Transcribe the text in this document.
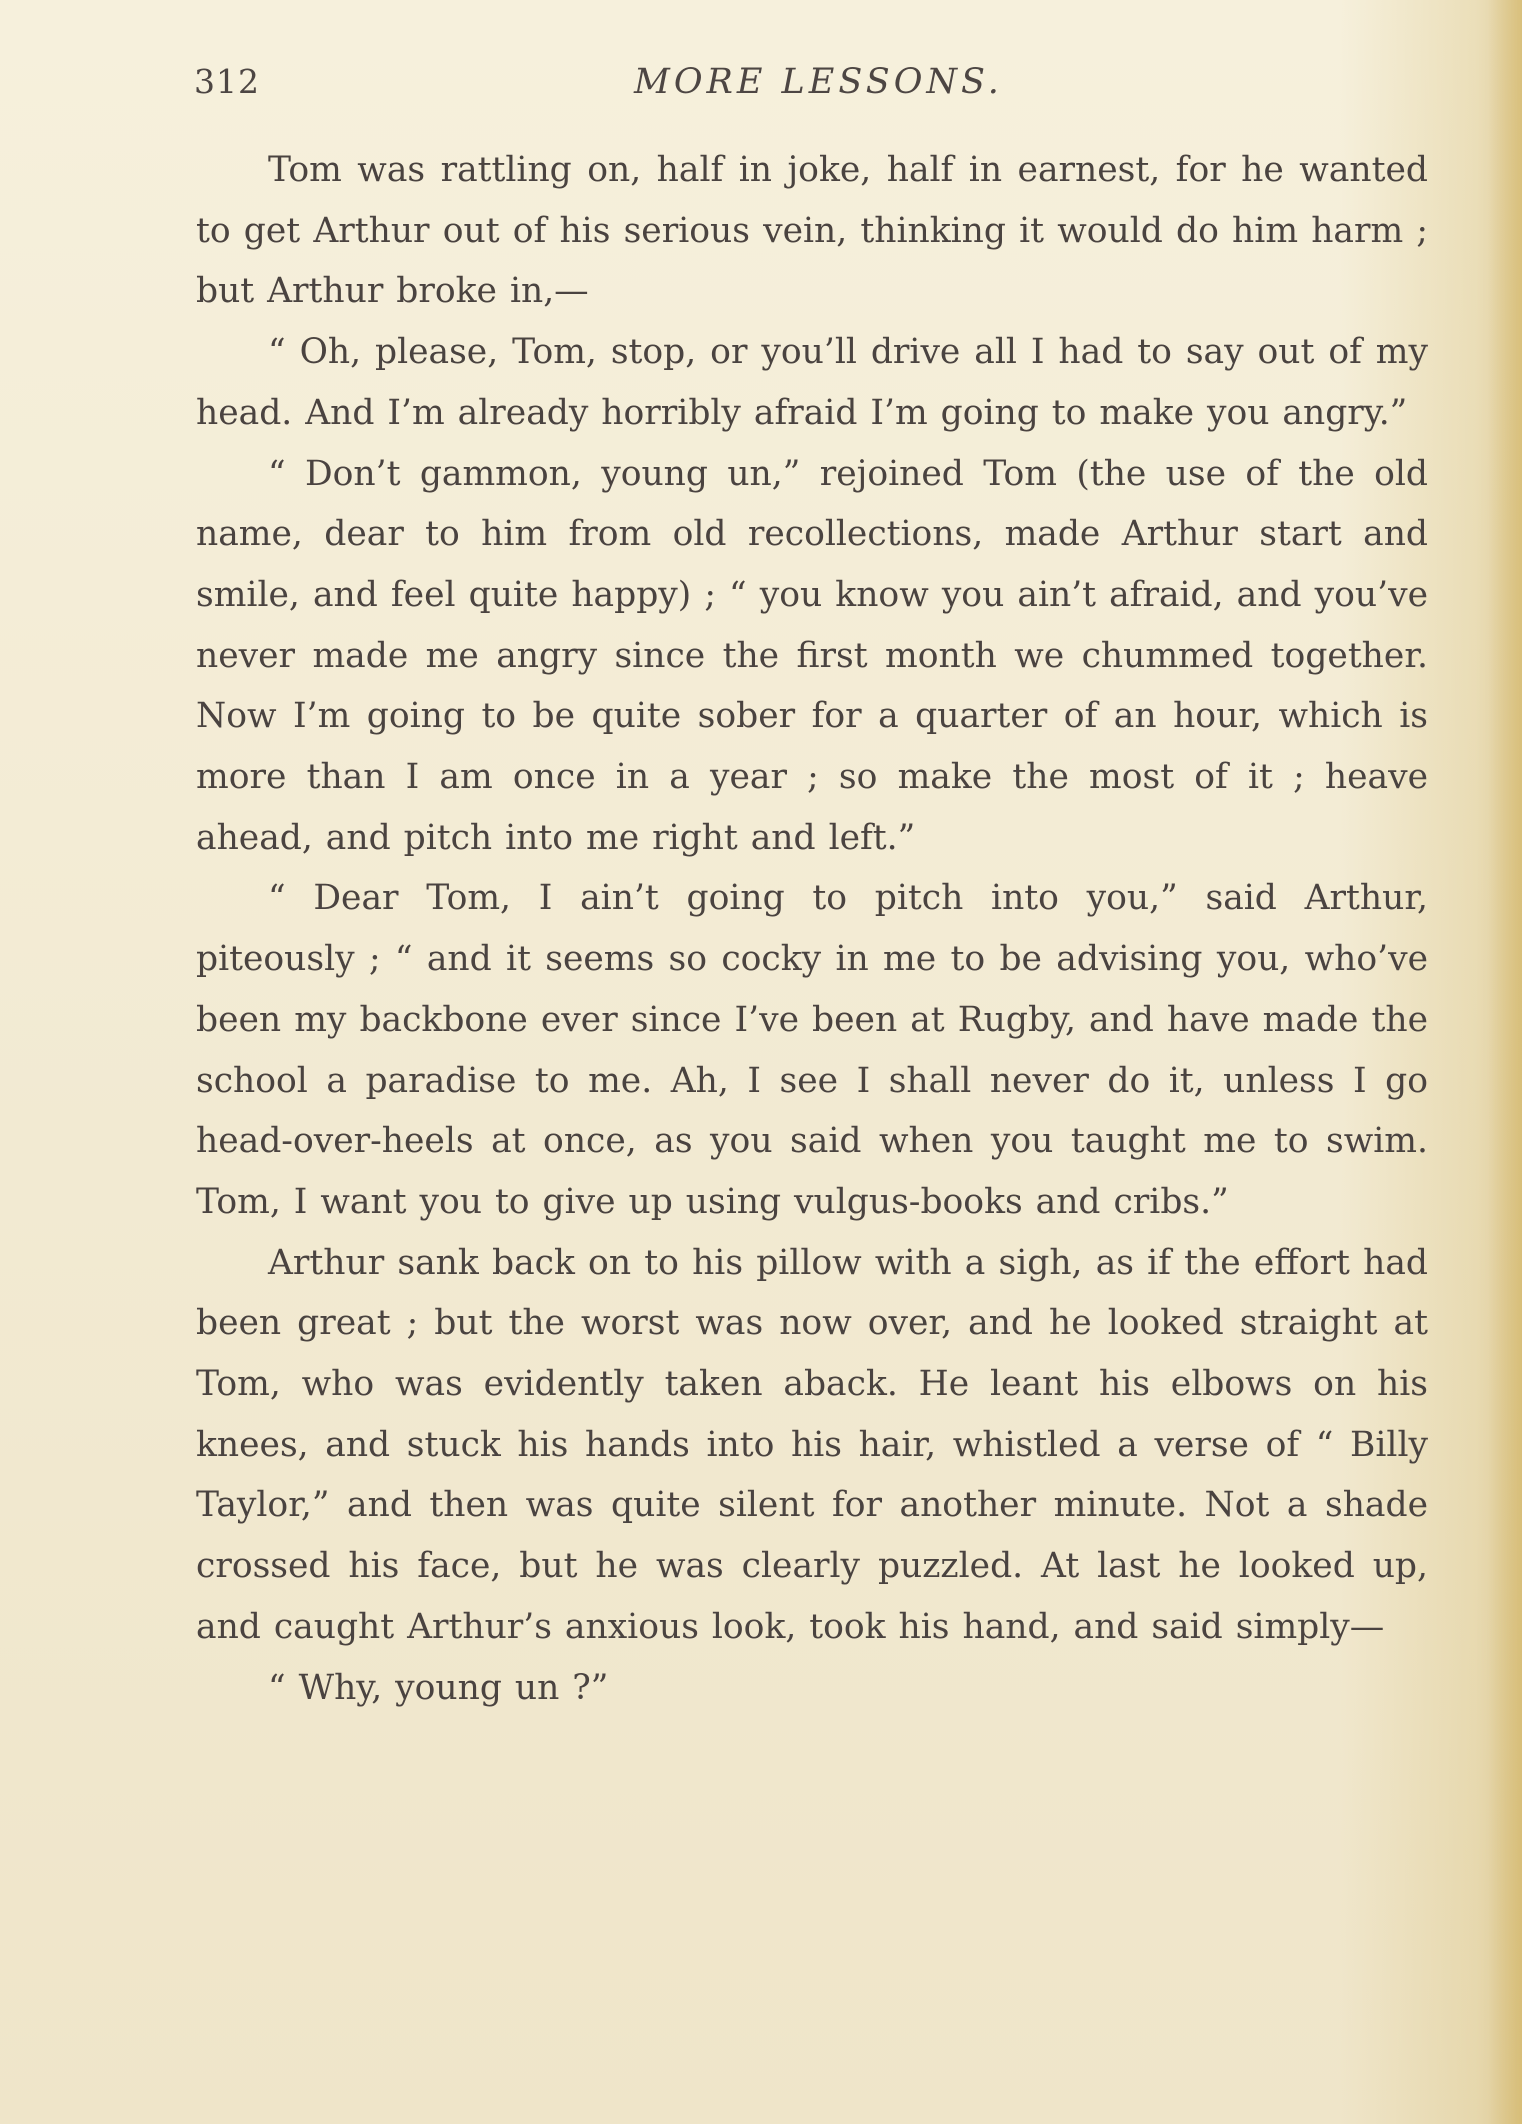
312	MORE LESSONS.

Tom was rattling on, half in joke, half in earnest, for he wanted to get Arthur out of his serious vein, thinking it would do him harm ; but Arthur broke in,—

“ Oh, please, Tom, stop, or you’ll drive all I had to say out of my head. And I’m already horribly afraid I’m going to make you angry.”

“ Don’t gammon, young un,” rejoined Tom (the use of the old name, dear to him from old recollections, made Arthur start and smile, and feel quite happy) ; “ you know you ain’t afraid, and you’ve never made me angry since the first month we chummed together. Now I’m going to be quite sober for a quarter of an hour, which is more than I am once in a year ; so make the most of it ; heave ahead, and pitch into me right and left.”

“ Dear Tom, I ain’t going to pitch into you,” said Arthur, piteously ; “ and it seems so cocky in me to be advising you, who’ve been my backbone ever since I’ve been at Rugby, and have made the school a paradise to me. Ah, I see I shall never do it, unless I go head-over-heels at once, as you said when you taught me to swim. Tom, I want you to give up using vulgus-books and cribs.”

Arthur sank back on to his pillow with a sigh, as if the effort had been great ; but the worst was now over, and he looked straight at Tom, who was evidently taken aback. He leant his elbows on his knees, and stuck his hands into his hair, whistled a verse of “ Billy Taylor,” and then was quite silent for another minute. Not a shade crossed his face, but he was clearly puzzled. At last he looked up, and caught Arthur’s anxious look, took his hand, and said simply—

“ Why, young un ?”
